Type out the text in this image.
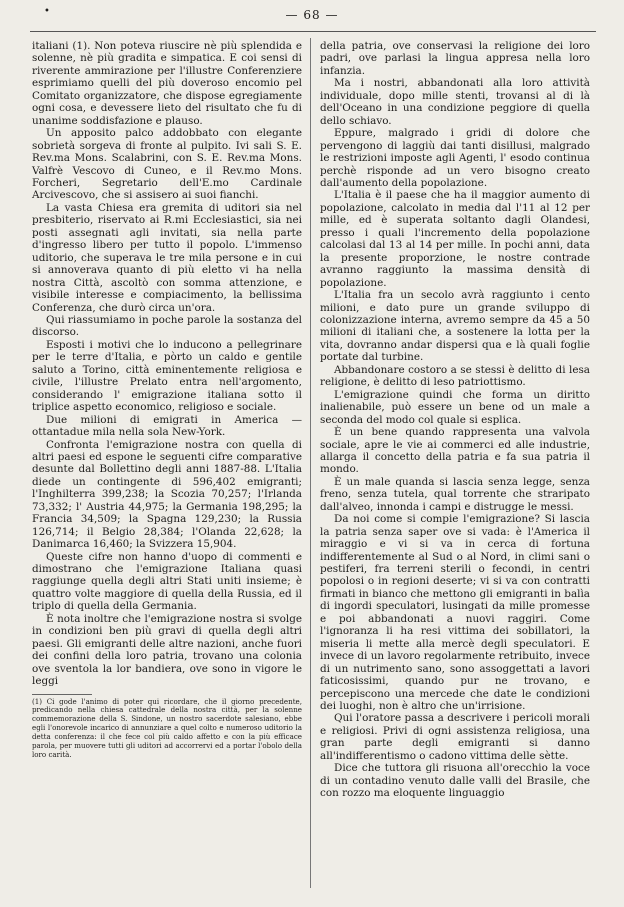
•	— 68 —

italiani (1). Non poteva riuscire nè più splendida e solenne, nè più gradita e simpatica. E coi sensi di riverente ammirazione per l'illustre Conferenziere esprimiamo quelli del più doveroso encomio pel Comitato organizzatore, che dispose egregiamente ogni cosa, e devessere lieto del risultato che fu di unanime soddisfazione e plauso.

Un apposito palco addobbato con elegante sobrietà sorgeva di fronte al pulpito. Ivi sali S. E. Rev.ma Mons. Scalabrini, con S. E. Rev.ma Mons. Valfrè Vescovo di Cuneo, e il Rev.mo Mons. Forcheri, Segretario dell'E.mo Cardinale Arcivescovo, che si assisero ai suoi fianchi.

La vasta Chiesa era gremita di uditori sia nel presbiterio, riservato ai R.mi Ecclesiastici, sia nei posti assegnati agli invitati, sia nella parte d'ingresso libero per tutto il popolo. L'immenso uditorio, che superava le tre mila persone e in cui si annoverava quanto di più eletto vi ha nella nostra Città, ascoltò con somma attenzione, e visibile interesse e compiacimento, la bellissima Conferenza, che durò circa un'ora.

Qui riassumiamo in poche parole la sostanza del discorso.

Esposti i motivi che lo inducono a pellegrinare per le terre d'Italia, e pòrto un caldo e gentile saluto a Torino, città eminentemente religiosa e civile, l'illustre Prelato entra nell'argomento, considerando l' emigrazione italiana sotto il triplice aspetto economico, religioso e sociale.

Due milioni di emigrati in America — ottantadue mila nella sola New-York.

Confronta l'emigrazione nostra con quella di altri paesi ed espone le seguenti cifre comparative desunte dal Bollettino degli anni 1887-88. L'Italia diede un contingente di 596,402 emigranti; l'Inghilterra 399,238; la Scozia 70,257; l'Irlanda 73,332; l' Austria 44,975; la Germania 198,295; la Francia 34,509; la Spagna 129,230; la Russia 126,714; il Belgio 28,384; l'Olanda 22,628; la Danimarca 16,460; la Svizzera 15,904.

Queste cifre non hanno d'uopo di commenti e dimostrano che l'emigrazione Italiana quasi raggiunge quella degli altri Stati uniti insieme; è quattro volte maggiore di quella della Russia, ed il triplo di quella della Germania.

È nota inoltre che l'emigrazione nostra si svolge in condizioni ben più gravi di quella degli altri paesi. Gli emigranti delle altre nazioni, anche fuori dei confini della loro patria, trovano una colonia ove sventola la lor bandiera, ove sono in vigore le leggi

(1) Ci gode l'animo di poter qui ricordare, che il giorno precedente, predicando nella chiesa cattedrale della nostra città, per la solenne commemorazione della S. Sindone, un nostro sacerdote salesiano, ebbe egli l'onorevole incarico di annunziare a quel colto e numeroso uditorio la detta conferenza: il che fece col più caldo affetto e con la più efficace parola, per muovere tutti gli uditori ad accorrervi ed a portar l'obolo della loro carità.

della patria, ove conservasi la religione dei loro padri, ove parlasi la lingua appresa nella loro infanzia.

Ma i nostri, abbandonati alla loro attività individuale, dopo mille stenti, trovansi al di là dell'Oceano in una condizione peggiore di quella dello schiavo.

Eppure, malgrado i gridi di dolore che pervengono di laggiù dai tanti disillusi, malgrado le restrizioni imposte agli Agenti, l' esodo continua perchè risponde ad un vero bisogno creato dall'aumento della popolazione.

L'Italia è il paese che ha il maggior aumento di popolazione, calcolato in media dal l'11 al 12 per mille, ed è superata soltanto dagli Olandesi, presso i quali l'incremento della popolazione calcolasi dal 13 al 14 per mille. In pochi anni, data la presente proporzione, le nostre contrade avranno raggiunto la massima densità di popolazione.

L'Italia fra un secolo avrà raggiunto i cento milioni, e dato pure un grande sviluppo di colonizzazione interna, avremo sempre da 45 a 50 milioni di italiani che, a sostenere la lotta per la vita, dovranno andar dispersi qua e là quali foglie portate dal turbine.

Abbandonare costoro a se stessi è delitto di lesa religione, è delitto di leso patriottismo.

L'emigrazione quindi che forma un diritto inalienabile, può essere un bene od un male a seconda del modo col quale si esplica.

È un bene quando rappresenta una valvola sociale, apre le vie ai commerci ed alle industrie, allarga il concetto della patria e fa sua patria il mondo.

È un male quanda si lascia senza legge, senza freno, senza tutela, qual torrente che straripato dall'alveo, innonda i campi e distrugge le messi.

Da noi come si compie l'emigrazione? Si lascia la patria senza saper ove si vada: è l'America il miraggio e vi si va in cerca di fortuna indifferentemente al Sud o al Nord, in climi sani o pestiferi, fra terreni sterili o fecondi, in centri popolosi o in regioni deserte; vi si va con contratti firmati in bianco che mettono gli emigranti in balìa di ingordi speculatori, lusingati da mille promesse e poi abbandonati a nuovi raggiri. Come l'ignoranza li ha resi vittima dei sobillatori, la miseria li mette alla mercè degli speculatori. E invece di un lavoro regolarmente retribuito, invece di un nutrimento sano, sono assoggettati a lavori faticosissimi, quando pur ne trovano, e percepiscono una mercede che date le condizioni dei luoghi, non è altro che un'irrisione.

Qui l'oratore passa a descrivere i pericoli morali e religiosi. Privi di ogni assistenza religiosa, una gran parte degli emigranti si danno all'indifferentismo o cadono vittima delle sètte.

Dice che tuttora gli risuona all'orecchio la voce di un contadino venuto dalle valli del Brasile, che con rozzo ma eloquente linguaggio
